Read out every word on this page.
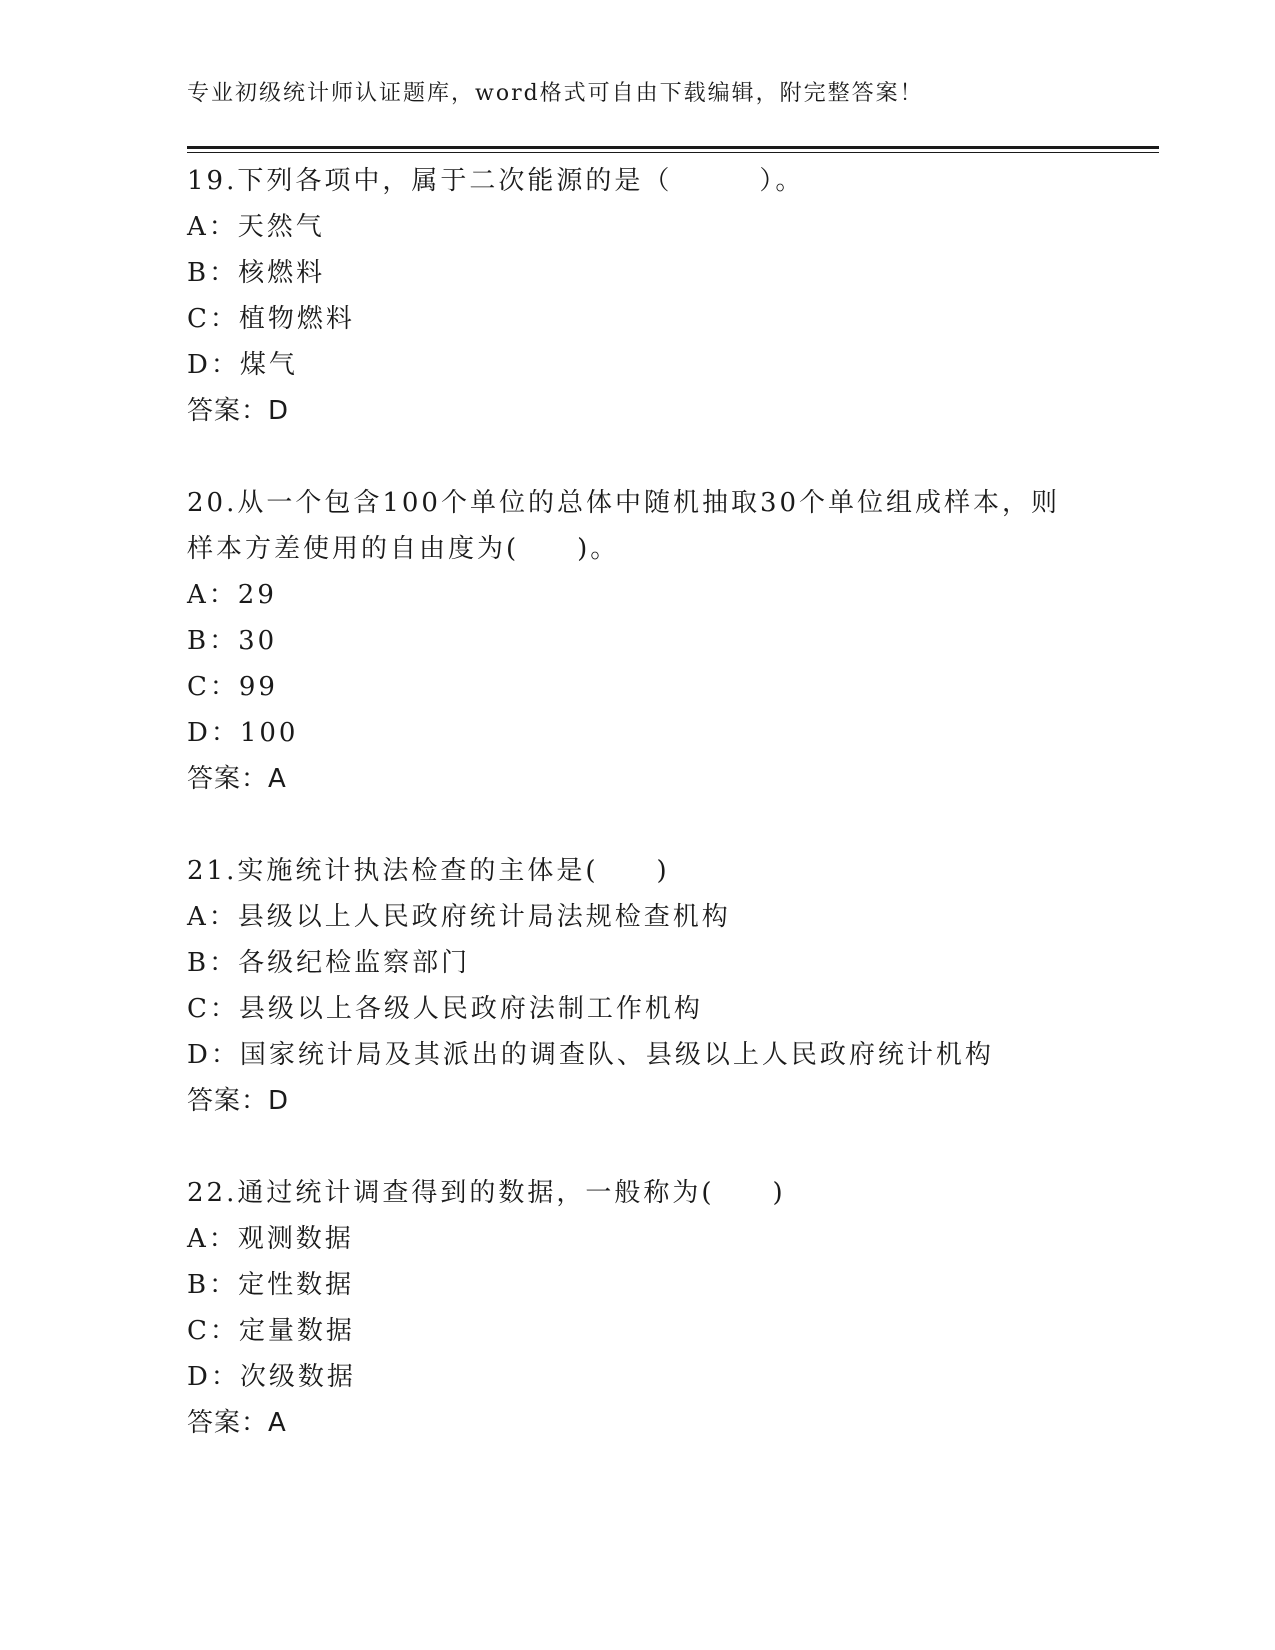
专业初级统计师认证题库，word格式可自由下载编辑，附完整答案！
19.下列各项中，属于二次能源的是（　　　）。
A：天然气
B：核燃料
C：植物燃料
D：煤气
答案：D
20.从一个包含100个单位的总体中随机抽取30个单位组成样本，则
样本方差使用的自由度为(　　)。
A：29
B：30
C：99
D：100
答案：A
21.实施统计执法检查的主体是(　　)
A：县级以上人民政府统计局法规检查机构
B：各级纪检监察部门
C：县级以上各级人民政府法制工作机构
D：国家统计局及其派出的调查队、县级以上人民政府统计机构
答案：D
22.通过统计调查得到的数据，一般称为(　　)
A：观测数据
B：定性数据
C：定量数据
D：次级数据
答案：A
